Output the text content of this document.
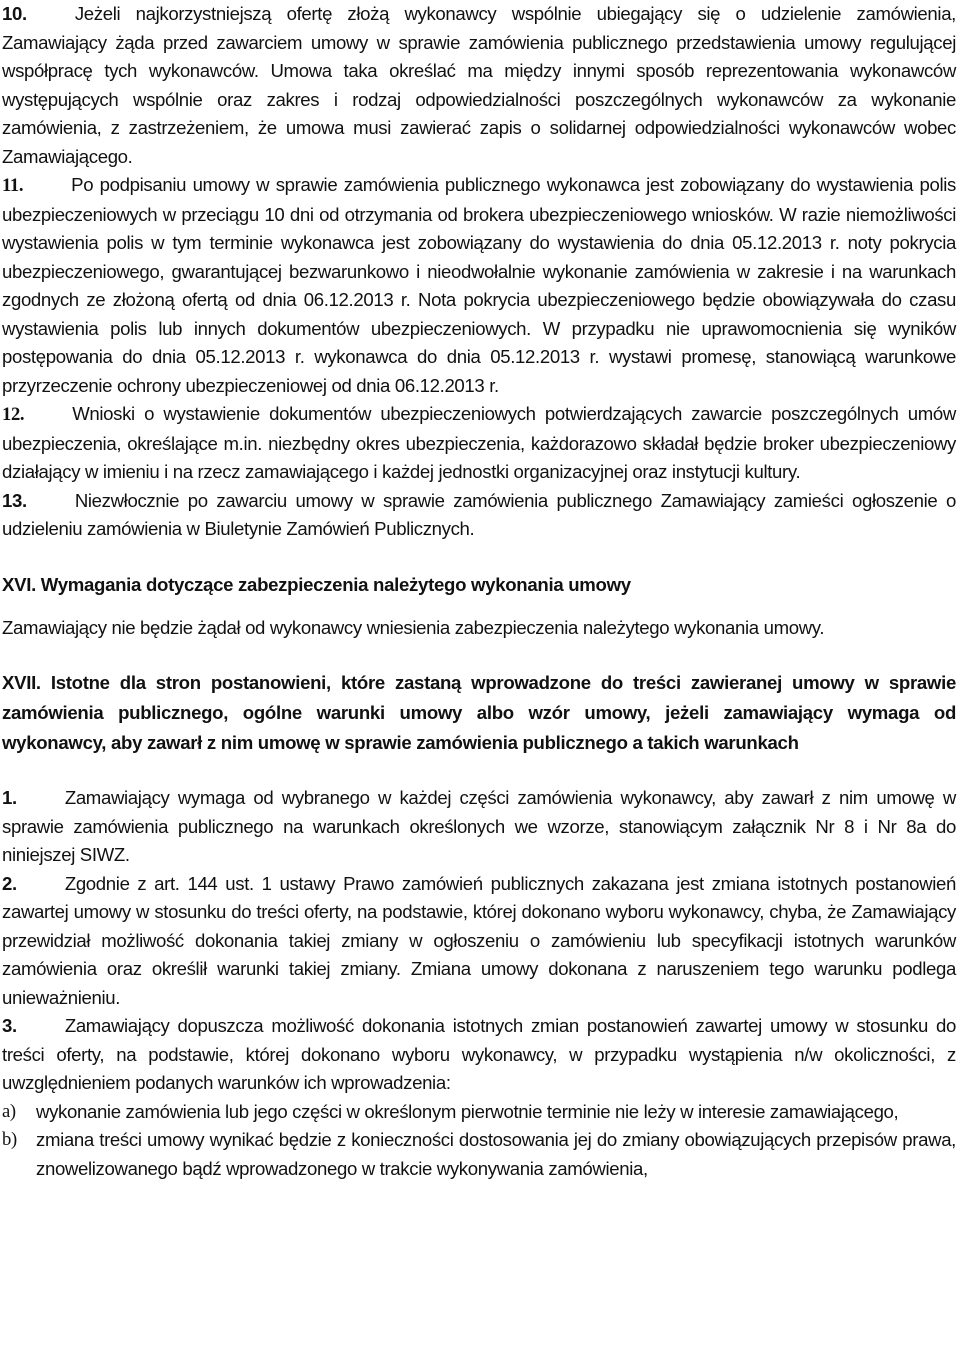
10.	Jeżeli najkorzystniejszą ofertę złożą wykonawcy wspólnie ubiegający się o udzielenie zamówienia, Zamawiający żąda przed zawarciem umowy w sprawie zamówienia publicznego przedstawienia umowy regulującej współpracę tych wykonawców. Umowa taka określać ma między innymi sposób reprezentowania wykonawców występujących wspólnie oraz zakres i rodzaj odpowiedzialności poszczególnych wykonawców za wykonanie zamówienia, z zastrzeżeniem, że umowa musi zawierać zapis o solidarnej odpowiedzialności wykonawców wobec Zamawiającego.

11.	Po podpisaniu umowy w sprawie zamówienia publicznego wykonawca jest zobowiązany do wystawienia polis ubezpieczeniowych w przeciągu 10 dni od otrzymania od brokera ubezpieczeniowego wniosków. W razie niemożliwości wystawienia polis w tym terminie wykonawca jest zobowiązany do wystawienia do dnia 05.12.2013 r. noty pokrycia ubezpieczeniowego, gwarantującej bezwarunkowo i nieodwołalnie wykonanie zamówienia w zakresie i na warunkach zgodnych ze złożoną ofertą od dnia 06.12.2013 r. Nota pokrycia ubezpieczeniowego będzie obowiązywała do czasu wystawienia polis lub innych dokumentów ubezpieczeniowych. W przypadku nie uprawomocnienia się wyników postępowania do dnia 05.12.2013 r. wykonawca do dnia 05.12.2013 r. wystawi promesę, stanowiącą warunkowe przyrzeczenie ochrony ubezpieczeniowej od dnia 06.12.2013 r.

12.	Wnioski o wystawienie dokumentów ubezpieczeniowych potwierdzających zawarcie poszczególnych umów ubezpieczenia, określające m.in. niezbędny okres ubezpieczenia, każdorazowo składał będzie broker ubezpieczeniowy działający w imieniu i na rzecz zamawiającego i każdej jednostki organizacyjnej oraz instytucji kultury.

13.	Niezwłocznie po zawarciu umowy w sprawie zamówienia publicznego Zamawiający zamieści ogłoszenie o udzieleniu zamówienia w Biuletynie Zamówień Publicznych.

XVI. Wymagania dotyczące zabezpieczenia należytego wykonania umowy

Zamawiający nie będzie żądał od wykonawcy wniesienia zabezpieczenia należytego wykonania umowy.

XVII. Istotne dla stron postanowieni, które zastaną wprowadzone do treści zawieranej umowy w sprawie zamówienia publicznego, ogólne warunki umowy albo wzór umowy, jeżeli zamawiający wymaga od wykonawcy, aby zawarł z nim umowę w sprawie zamówienia publicznego a takich warunkach

1.	Zamawiający wymaga od wybranego w każdej części zamówienia wykonawcy, aby zawarł z nim umowę w sprawie zamówienia publicznego na warunkach określonych we wzorze, stanowiącym załącznik Nr 8 i Nr 8a do niniejszej SIWZ.

2.	Zgodnie z art. 144 ust. 1 ustawy Prawo zamówień publicznych zakazana jest zmiana istotnych postanowień zawartej umowy w stosunku do treści oferty, na podstawie, której dokonano wyboru wykonawcy, chyba, że Zamawiający przewidział możliwość dokonania takiej zmiany w ogłoszeniu o zamówieniu lub specyfikacji istotnych warunków zamówienia oraz określił warunki takiej zmiany. Zmiana umowy dokonana z naruszeniem tego warunku podlega unieważnieniu.

3.	Zamawiający dopuszcza możliwość dokonania istotnych zmian postanowień zawartej umowy w stosunku do treści oferty, na podstawie, której dokonano wyboru wykonawcy, w przypadku wystąpienia n/w okoliczności, z uwzględnieniem podanych warunków ich wprowadzenia:

a)	wykonanie zamówienia lub jego części w określonym pierwotnie terminie nie leży w interesie zamawiającego,
b)	zmiana treści umowy wynikać będzie z konieczności dostosowania jej do zmiany obowiązujących przepisów prawa, znowelizowanego bądź wprowadzonego w trakcie wykonywania zamówienia,
